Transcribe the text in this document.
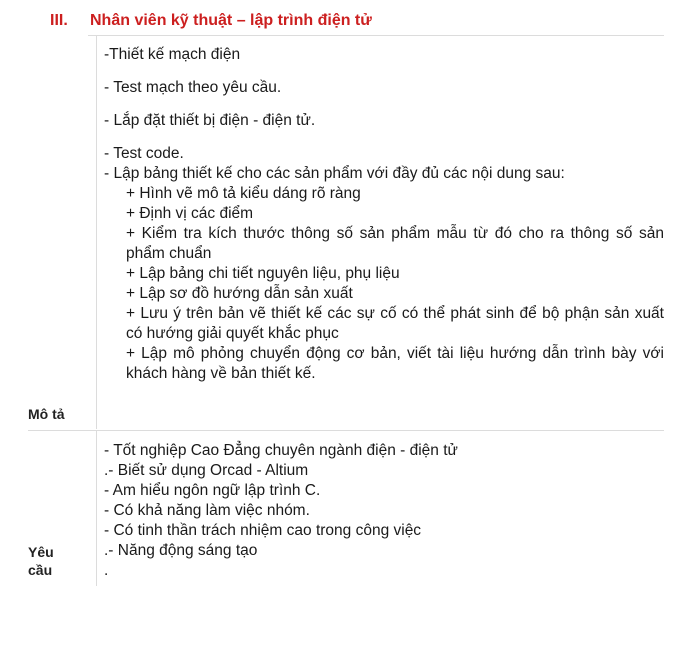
III. Nhân viên kỹ thuật – lập trình điện tử
Mô tả
-Thiết kế mạch điện
- Test mạch theo yêu cầu.
- Lắp đặt thiết bị điện - điện tử.
- Test code.
- Lập bảng thiết kế cho các sản phẩm với đầy đủ các nội dung sau:
+ Hình vẽ mô tả kiểu dáng rõ ràng
+ Định vị các điểm
+ Kiểm tra kích thước thông số sản phẩm mẫu từ đó cho ra thông số sản phẩm chuẩn
+ Lập bảng chi tiết nguyên liệu, phụ liệu
+ Lập sơ đồ hướng dẫn sản xuất
+ Lưu ý trên bản vẽ thiết kế các sự cố có thể phát sinh để bộ phận sản xuất có hướng giải quyết khắc phục
+ Lập mô phỏng chuyển động cơ bản, viết tài liệu hướng dẫn trình bày với khách hàng về bản thiết kế.
Yêu
cầu
- Tốt nghiệp Cao Đẳng chuyên ngành điện - điện tử
.- Biết sử dụng Orcad - Altium
- Am hiểu ngôn ngữ lập trình C.
- Có khả năng làm việc nhóm.
- Có tinh thần trách nhiệm cao trong công việc
.- Năng động sáng tạo
.
